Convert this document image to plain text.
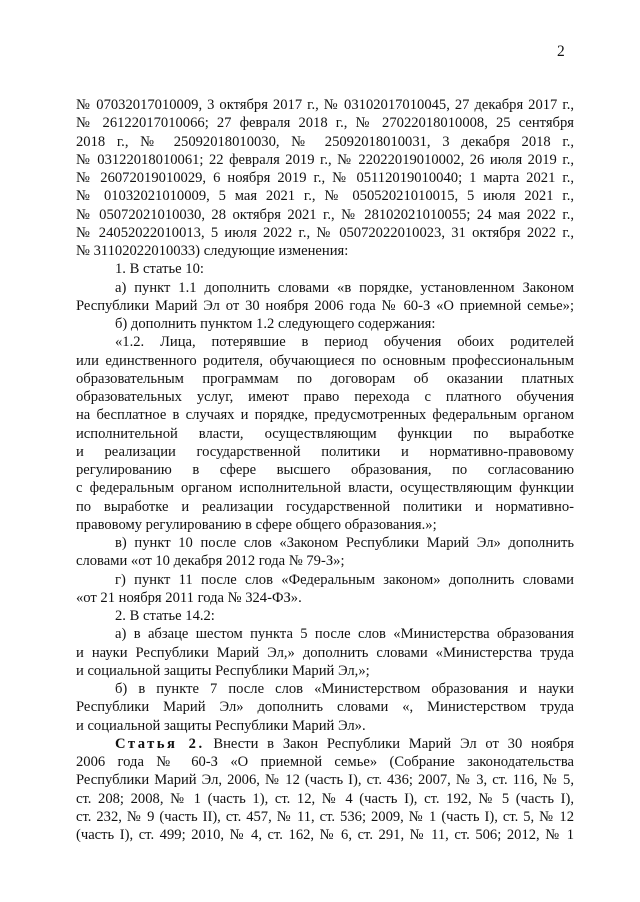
2
№ 07032017010009, 3 октября 2017 г., № 03102017010045, 27 декабря 2017 г.,
№ 26122017010066; 27 февраля 2018 г., № 27022018010008, 25 сентября
2018 г., № 25092018010030, № 25092018010031, 3 декабря 2018 г.,
№ 03122018010061; 22 февраля 2019 г., № 22022019010002, 26 июля 2019 г.,
№ 26072019010029, 6 ноября 2019 г., № 05112019010040; 1 марта 2021 г.,
№ 01032021010009, 5 мая 2021 г., № 05052021010015, 5 июля 2021 г.,
№ 05072021010030, 28 октября 2021 г., № 28102021010055; 24 мая 2022 г.,
№ 24052022010013, 5 июля 2022 г., № 05072022010023, 31 октября 2022 г.,
№ 31102022010033) следующие изменения:
1. В статье 10:
а) пункт 1.1 дополнить словами «в порядке, установленном Законом
Республики Марий Эл от 30 ноября 2006 года № 60-З «О приемной семье»;
б) дополнить пунктом 1.2 следующего содержания:
«1.2. Лица, потерявшие в период обучения обоих родителей
или единственного родителя, обучающиеся по основным профессиональным
образовательным программам по договорам об оказании платных
образовательных услуг, имеют право перехода с платного обучения
на бесплатное в случаях и порядке, предусмотренных федеральным органом
исполнительной власти, осуществляющим функции по выработке
и реализации государственной политики и нормативно-правовому
регулированию в сфере высшего образования, по согласованию
с федеральным органом исполнительной власти, осуществляющим функции
по выработке и реализации государственной политики и нормативно-
правовому регулированию в сфере общего образования.»;
в) пункт 10 после слов «Законом Республики Марий Эл» дополнить
словами «от 10 декабря 2012 года № 79-З»;
г) пункт 11 после слов «Федеральным законом» дополнить словами
«от 21 ноября 2011 года № 324-ФЗ».
2. В статье 14.2:
а) в абзаце шестом пункта 5 после слов «Министерства образования
и науки Республики Марий Эл,» дополнить словами «Министерства труда
и социальной защиты Республики Марий Эл,»;
б) в пункте 7 после слов «Министерством образования и науки
Республики Марий Эл» дополнить словами «, Министерством труда
и социальной защиты Республики Марий Эл».
Статья 2. Внести в Закон Республики Марий Эл от 30 ноября
2006 года № 60-З «О приемной семье» (Собрание законодательства
Республики Марий Эл, 2006, № 12 (часть I), ст. 436; 2007, № 3, ст. 116, № 5,
ст. 208; 2008, № 1 (часть 1), ст. 12, № 4 (часть I), ст. 192, № 5 (часть I),
ст. 232, № 9 (часть II), ст. 457, № 11, ст. 536; 2009, № 1 (часть I), ст. 5, № 12
(часть I), ст. 499; 2010, № 4, ст. 162, № 6, ст. 291, № 11, ст. 506; 2012, № 1
